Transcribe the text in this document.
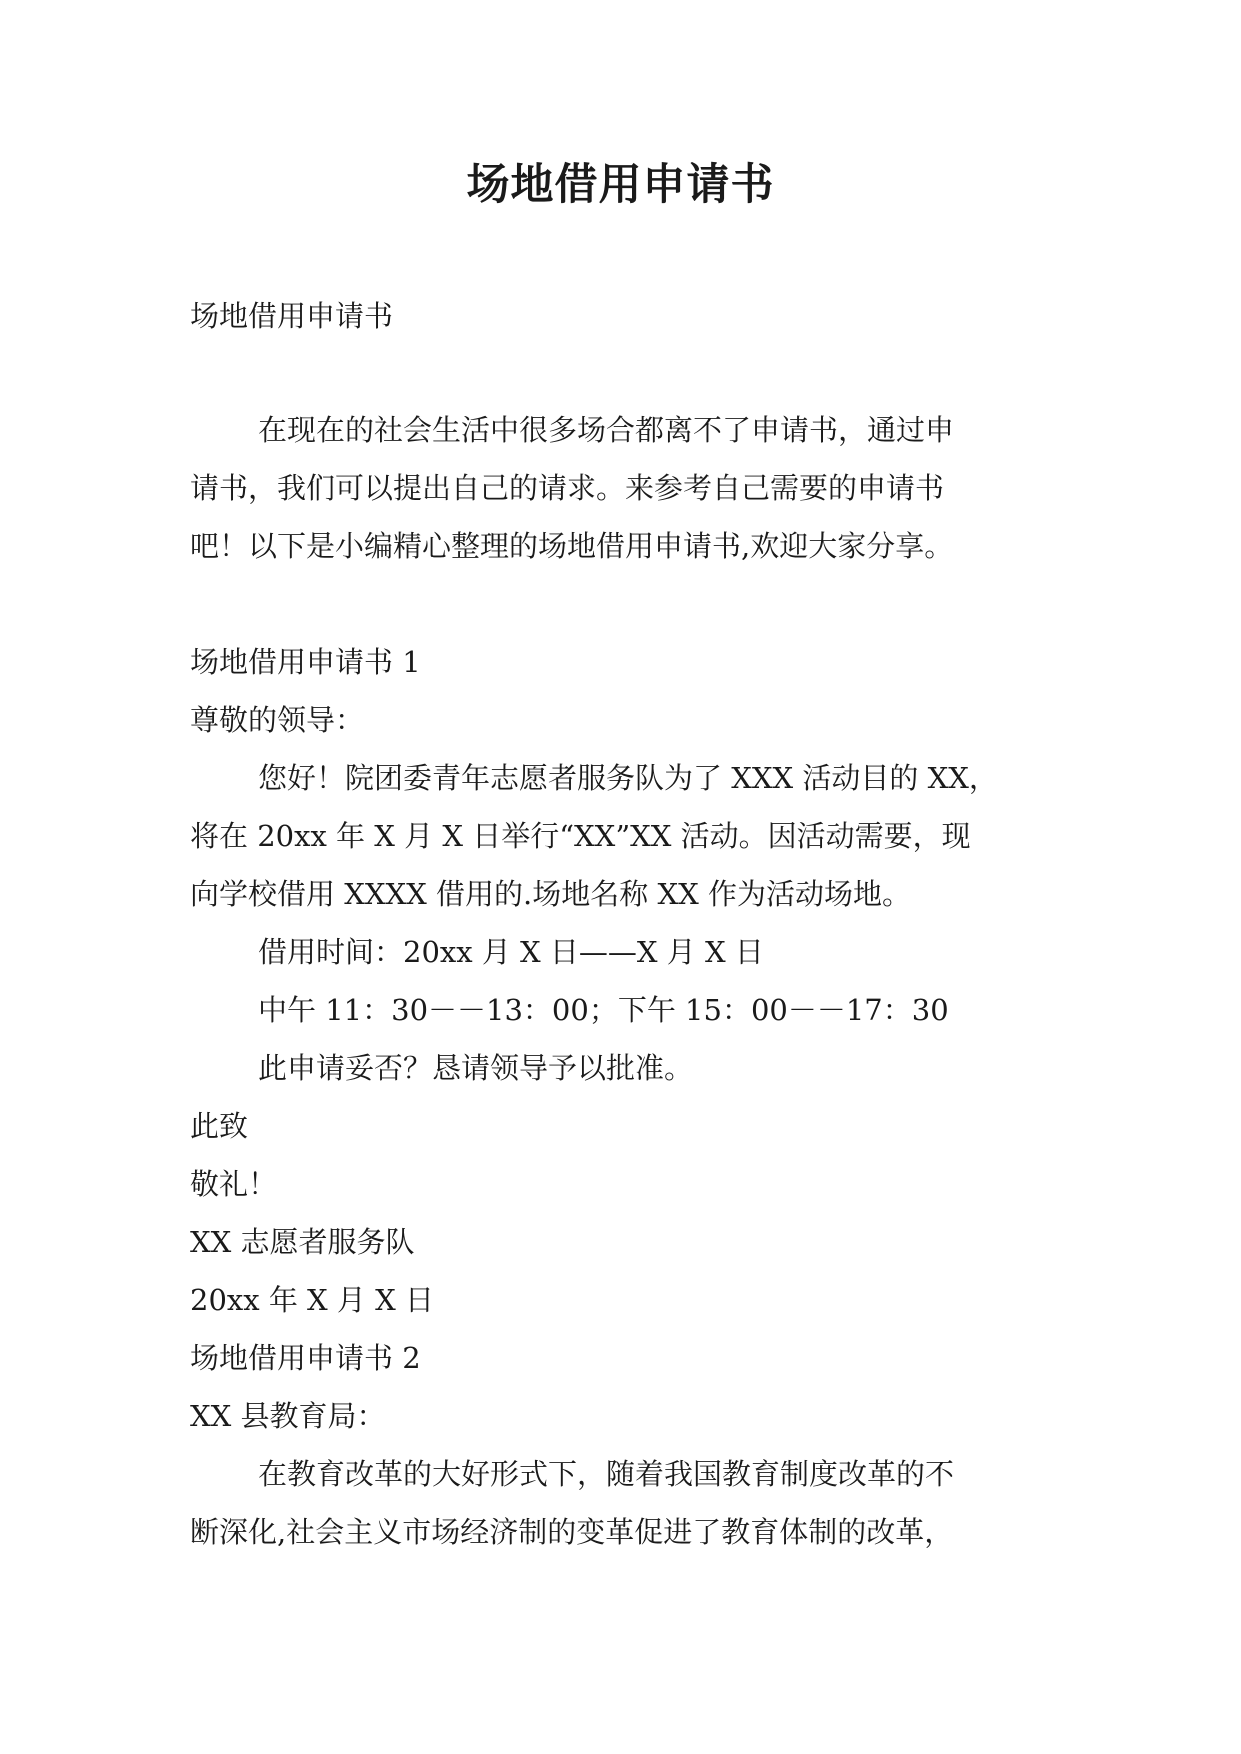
场地借用申请书

场地借用申请书

在现在的社会生活中很多场合都离不了申请书，通过申

请书，我们可以提出自己的请求。来参考自己需要的申请书

吧！以下是小编精心整理的场地借用申请书,欢迎大家分享。

场地借用申请书 1

尊敬的领导：

您好！院团委青年志愿者服务队为了 XXX 活动目的 XX，

将在 20xx 年 X 月 X 日举行“XX”XX 活动。因活动需要，现

向学校借用 XXXX 借用的.场地名称 XX 作为活动场地。

借用时间：20xx 月 X 日——X 月 X 日

中午 11：30－－13：00；下午 15：00－－17：30

此申请妥否？恳请领导予以批准。

此致

敬礼！

XX 志愿者服务队

20xx 年 X 月 X 日

场地借用申请书 2

XX 县教育局：

在教育改革的大好形式下，随着我国教育制度改革的不

断深化,社会主义市场经济制的变革促进了教育体制的改革，
